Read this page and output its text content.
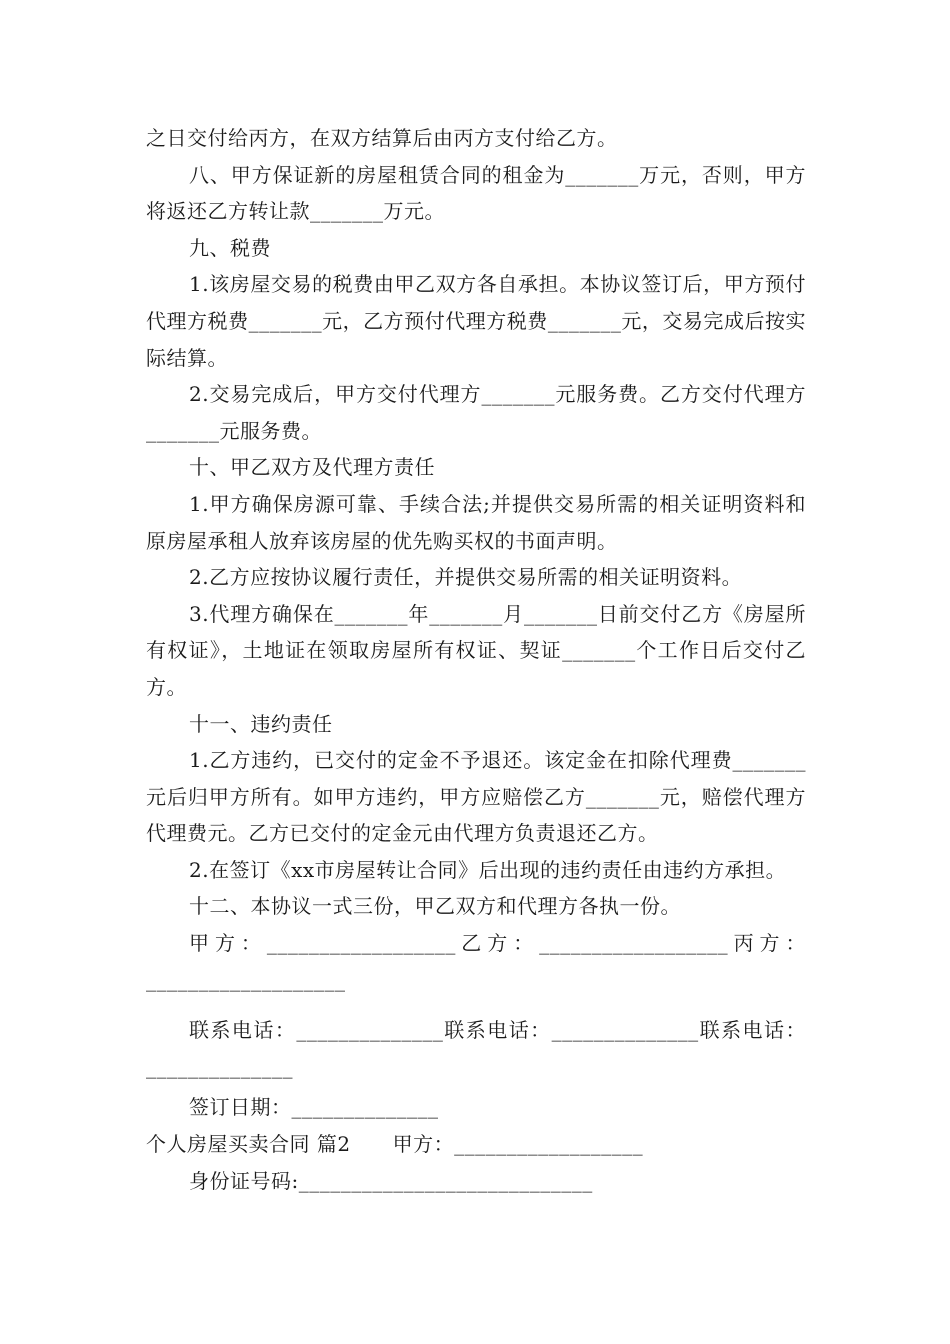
之日交付给丙方，在双方结算后由丙方支付给乙方。

八、甲方保证新的房屋租赁合同的租金为_______万元，否则，甲方将返还乙方转让款_______万元。

九、税费

1.该房屋交易的税费由甲乙双方各自承担。本协议签订后，甲方预付代理方税费_______元，乙方预付代理方税费_______元，交易完成后按实际结算。

2.交易完成后，甲方交付代理方_______元服务费。乙方交付代理方_______元服务费。

十、甲乙双方及代理方责任

1.甲方确保房源可靠、手续合法;并提供交易所需的相关证明资料和原房屋承租人放弃该房屋的优先购买权的书面声明。

2.乙方应按协议履行责任，并提供交易所需的相关证明资料。

3.代理方确保在_______年_______月_______日前交付乙方《房屋所有权证》，土地证在领取房屋所有权证、契证_______个工作日后交付乙方。

十一、违约责任

1.乙方违约，已交付的定金不予退还。该定金在扣除代理费_______元后归甲方所有。如甲方违约，甲方应赔偿乙方_______元，赔偿代理方代理费元。乙方已交付的定金元由代理方负责退还乙方。

2.在签订《xx市房屋转让合同》后出现的违约责任由违约方承担。

十二、本协议一式三份，甲乙双方和代理方各执一份。

甲方：__________________乙方：__________________丙方：___________________

联系电话：______________联系电话：______________联系电话：______________

签订日期：______________

个人房屋买卖合同 篇2 甲方：__________________

身份证号码:____________________________
